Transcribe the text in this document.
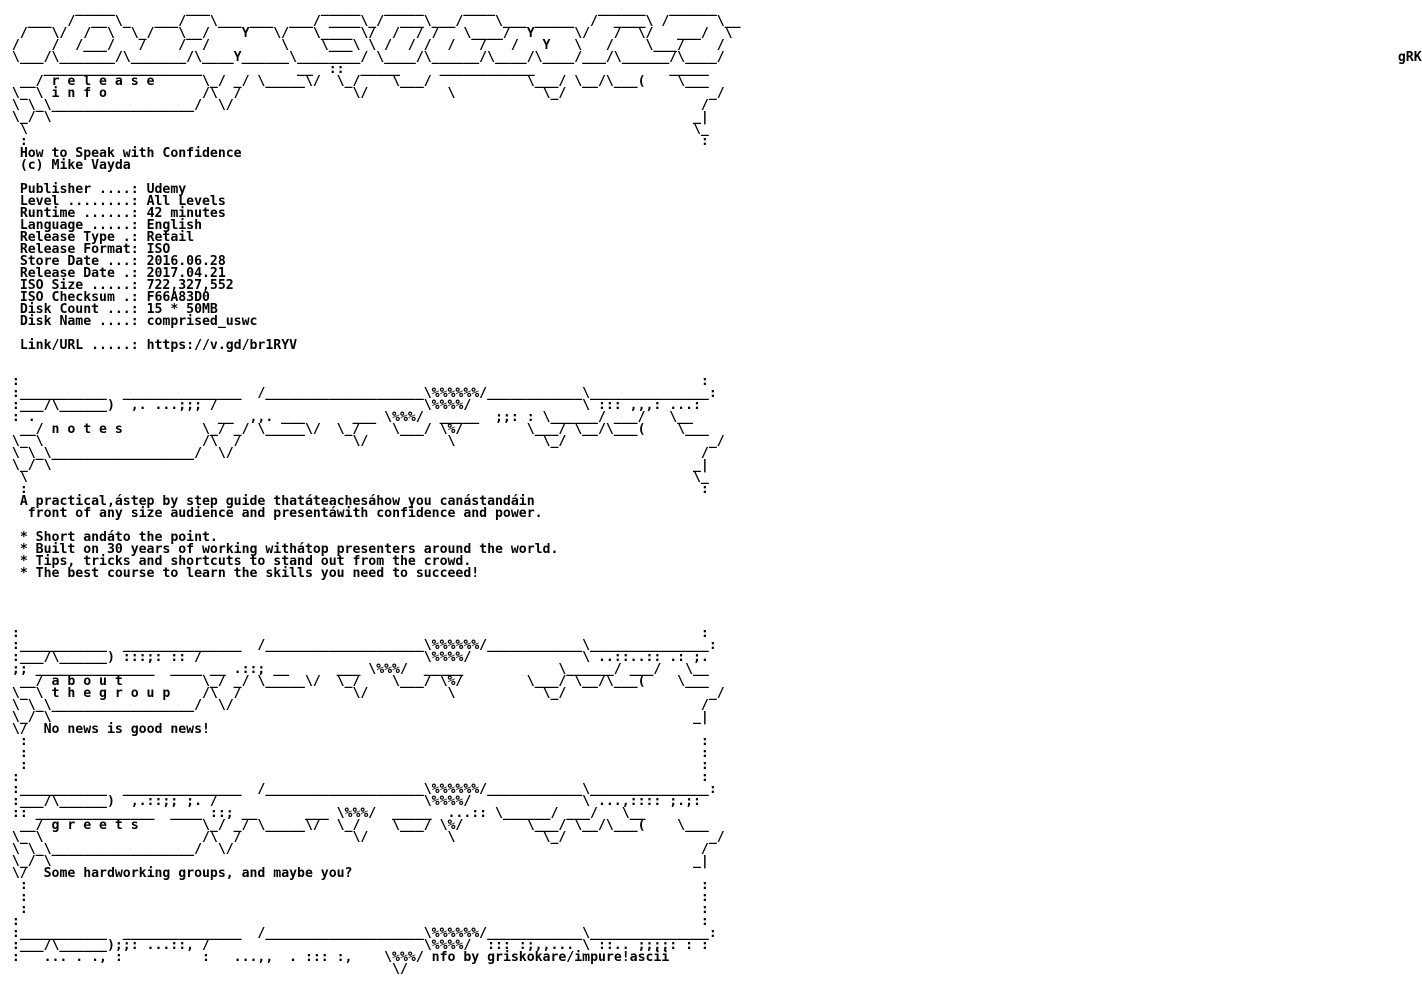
_____         ___              _____   _____     ____             ______   ______
___  /  __ \_   ___/   \___ ___  ___/ ____\_/  ___\___/    \___ _____  /  ____\ /      \__
/   \/  /  \  \_/   \__/    Y   \/   \____ \/  /  / /   \____/  Y     \/   /  \/   ___/  \
/    /  /___/   /    /  /         \    \___\ \ /  / /  /   /   /   Y   \   /    \___/    /
\___/\_______/\_______/\____Y______\________/ \____/\______/\____/\____/___/\______/\____/	gRK
____________________            __  ::  _____     ____________                 _____
__/ r e l e a s e      \_/ _/ \_____\/  \_/    \___/            \___/ \__/\___(    \___
\_ \ i n f o            /\  /              \/          \           \_/                  _/
\ \_\__________________/  \/                                                           /
\_/ \                                                                                 _|
\                                                                                    \_
:                                                                                     :
How to Speak with Confidence
(c) Mike Vayda

Publisher ....: Udemy
Level ........: All Levels
Runtime ......: 42 minutes
Language .....: English
Release Type .: Retail
Release Format: ISO
Store Date ...: 2016.06.28
Release Date .: 2017.04.21
ISO Size .....: 722,327,552
ISO Checksum .: F66A83D0
Disk Count ...: 15 * 50MB
Disk Name ....: comprised_uswc

Link/URL .....: https://v.gd/br1RYV

:                                                                                      :
:___________  _______________  /____________________\%%%%%%/____________\_______________:
:___/\______)  ,. ...;;; /                          \%%%%/              \ ::: ,,,: ...:
: .                       __  ,,. ___      ___ \%%%/  _____  ;;: : \______/ ___/   \__
__/ n o t e s          \_/ _/ \_____\/  \_/    \___/ \%/        \___/ \__/\___(    \___
\_ \                    /\  /              \/          \           \_/                  _/
\ \_\__________________/  \/                                                           /
\_/ \                                                                                 _|
\                                                                                    \_
:                                                                                     :
A practical,ástep by step guide thatáteachesáhow you canástandáin
front of any size audience and presentáwith confidence and power.

* Short andáto the point.
* Built on 30 years of working withátop presenters around the world.
* Tips, tricks and shortcuts to stand out from the crowd.
* The best course to learn the skills you need to succeed!

:                                                                                      :
:___________  _______________  /____________________\%%%%%%/____________\_______________:
:___/\______) :::;: :: /                            \%%%%/              \ ..::..:: .: ;.
;; _______________  ____ __ .::; __      ___ \%%%/  _____            \______/ ___/   \__
__/ a b o u t          \_/ _/ \_____\/  \_/    \___/ \%/        \___/ \__/\___(    \___
\_ \ t h e g r o u p    /\  /              \/          \           \_/                  _/
\ \_\__________________/  \/                                                           /
\_/ \                                                                                 _|
\/  No news is good news!
:                                                                                     :
:                                                                                     :
:                                                                                     :
:                                                                                      :
:___________  _______________  /____________________\%%%%%%/____________\_______________:
:___/\______)  ,.::;; ;. /                          \%%%%/              \ ...,:::: ;.;:
:: _______________  ____ ::; __      ___ \%%%/  _____  ...:: \______/ ___/   \__
__/ g r e e t s        \_/ _/ \_____\/  \_/    \___/ \%/        \___/ \__/\___(    \___
\_ \                    /\  /              \/          \           \_/                  _/
\ \_\__________________/  \/                                                           /
\_/ \                                                                                 _|
\/  Some hardworking groups, and maybe you?
:                                                                                     :
:                                                                                     :
:                                                                                     :
:                                                                                      :
:___________  _______________  /____________________\%%%%%%/____________\_______________:
:___/\______);;: ...::, /                           \%%%%/  ::: :;,,... \ ::.. ;;;;: : :
:   ... . ., :          :   ...,,  . ::: :,    \%%%/ nfo by griskokare/impure!ascii
\/
